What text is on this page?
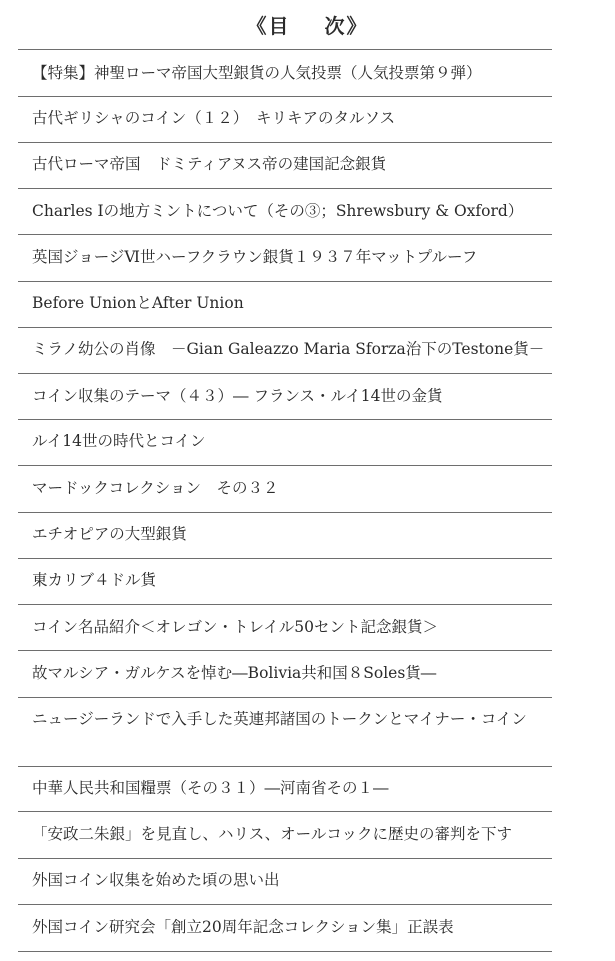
《目 次》
【特集】神聖ローマ帝国大型銀貨の人気投票（人気投票第９弾）
古代ギリシャのコイン（１２）　キリキアのタルソス
古代ローマ帝国　ドミティアヌス帝の建国記念銀貨
Charles Ⅰの地方ミントについて（その③；Shrewsbury & Oxford）
英国ジョージⅥ世ハーフクラウン銀貨１９３７年マットプルーフ
Before UnionとAfter Union
ミラノ幼公の肖像　－Gian Galeazzo Maria Sforza治下のTestone貨－
コイン収集のテーマ（４３）― フランス・ルイ14世の金貨
ルイ14世の時代とコイン
マードックコレクション　その３２
エチオピアの大型銀貨
東カリブ４ドル貨
コイン名品紹介＜オレゴン・トレイル50セント記念銀貨＞
故マルシア・ガルケスを悼む―Bolivia共和国８Soles貨―
ニュージーランドで入手した英連邦諸国のトークンとマイナー・コイン
中華人民共和国糧票（その３１）―河南省その１―
「安政二朱銀」を見直し、ハリス、オールコックに歴史の審判を下す
外国コイン収集を始めた頃の思い出
外国コイン研究会「創立20周年記念コレクション集」正誤表
